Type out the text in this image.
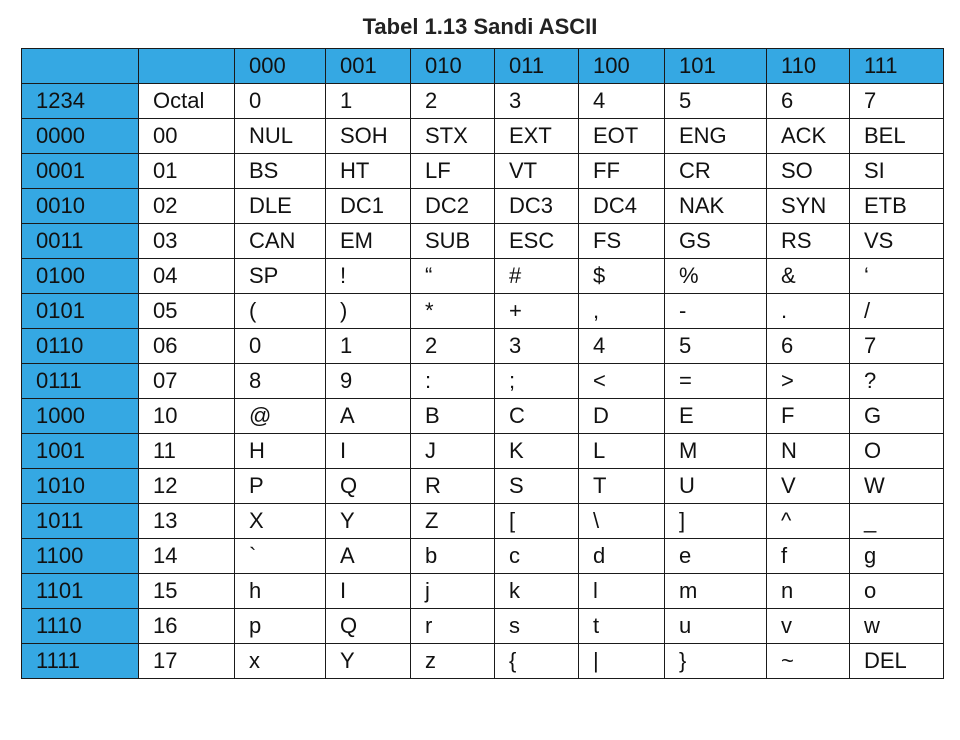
Tabel 1.13 Sandi ASCII
		000	001	010	011	100	101	110	111
1234	Octal	0	1	2	3	4	5	6	7
0000	00	NUL	SOH	STX	EXT	EOT	ENG	ACK	BEL
0001	01	BS	HT	LF	VT	FF	CR	SO	SI
0010	02	DLE	DC1	DC2	DC3	DC4	NAK	SYN	ETB
0011	03	CAN	EM	SUB	ESC	FS	GS	RS	VS
0100	04	SP	!	“	#	$	%	&	‘
0101	05	(	)	*	+	,	-	.	/
0110	06	0	1	2	3	4	5	6	7
0111	07	8	9	:	;	<	=	>	?
1000	10	@	A	B	C	D	E	F	G
1001	11	H	I	J	K	L	M	N	O
1010	12	P	Q	R	S	T	U	V	W
1011	13	X	Y	Z	[	\	]	^	_
1100	14	`	A	b	c	d	e	f	g
1101	15	h	I	j	k	l	m	n	o
1110	16	p	Q	r	s	t	u	v	w
1111	17	x	Y	z	{	|	}	~	DEL
